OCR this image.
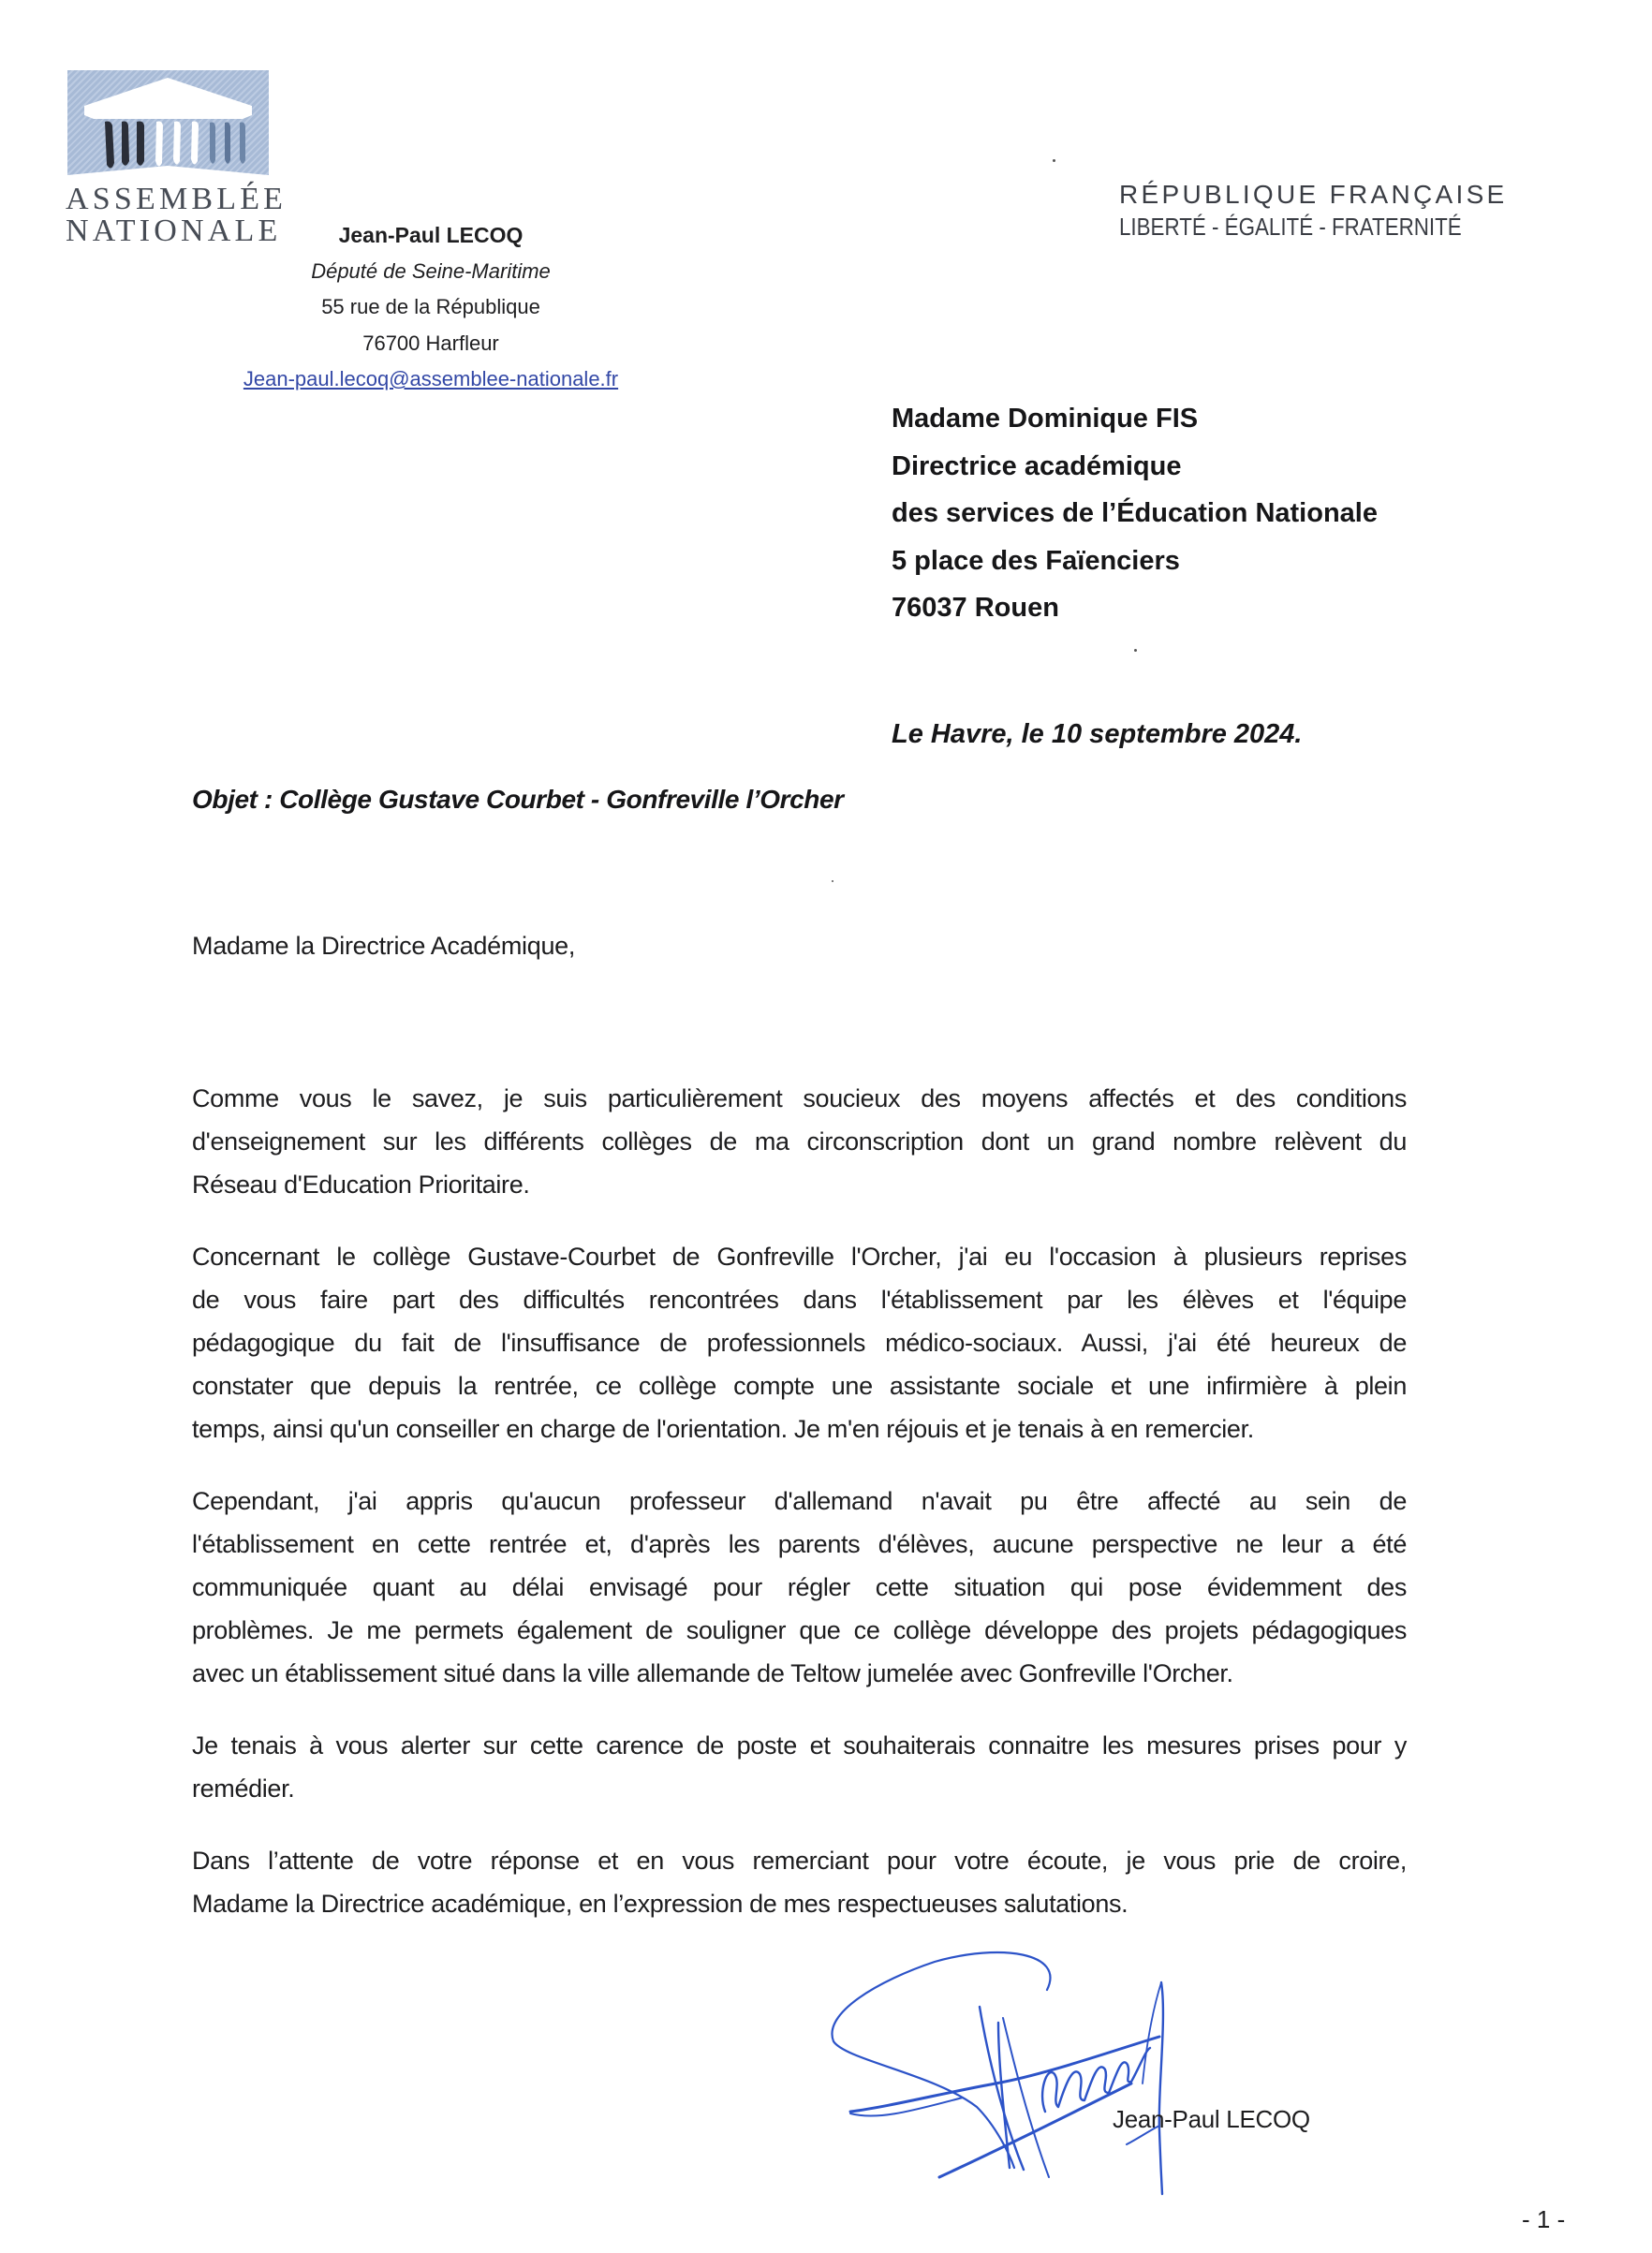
ASSEMBLÉE
NATIONALE	Jean-Paul LECOQ
Député de Seine-Maritime
55 rue de la République
76700 Harfleur
Jean-paul.lecoq@assemblee-nationale.fr
RÉPUBLIQUE FRANÇAISE
LIBERTÉ - ÉGALITÉ - FRATERNITÉ
Madame Dominique FIS
Directrice académique
des services de l’Éducation Nationale
5 place des Faïenciers
76037 Rouen
Le Havre, le 10 septembre 2024.
Objet : Collège Gustave Courbet - Gonfreville l’Orcher
Madame la Directrice Académique,
Comme vous le savez, je suis particulièrement soucieux des moyens affectés et des conditions
d'enseignement sur les différents collèges de ma circonscription dont un grand nombre relèvent du
Réseau d'Education Prioritaire.
Concernant le collège Gustave-Courbet de Gonfreville l'Orcher, j'ai eu l'occasion à plusieurs reprises
de vous faire part des difficultés rencontrées dans l'établissement par les élèves et l'équipe
pédagogique du fait de l'insuffisance de professionnels médico-sociaux. Aussi, j'ai été heureux de
constater que depuis la rentrée, ce collège compte une assistante sociale et une infirmière à plein
temps, ainsi qu'un conseiller en charge de l'orientation. Je m'en réjouis et je tenais à en remercier.
Cependant, j'ai appris qu'aucun professeur d'allemand n'avait pu être affecté au sein de
l'établissement en cette rentrée et, d'après les parents d'élèves, aucune perspective ne leur a été
communiquée quant au délai envisagé pour régler cette situation qui pose évidemment des
problèmes. Je me permets également de souligner que ce collège développe des projets pédagogiques
avec un établissement situé dans la ville allemande de Teltow jumelée avec Gonfreville l'Orcher.
Je tenais à vous alerter sur cette carence de poste et souhaiterais connaitre les mesures prises pour y
remédier.
Dans l’attente de votre réponse et en vous remerciant pour votre écoute, je vous prie de croire,
Madame la Directrice académique, en l’expression de mes respectueuses salutations.
Jean-Paul LECOQ
- 1 -
